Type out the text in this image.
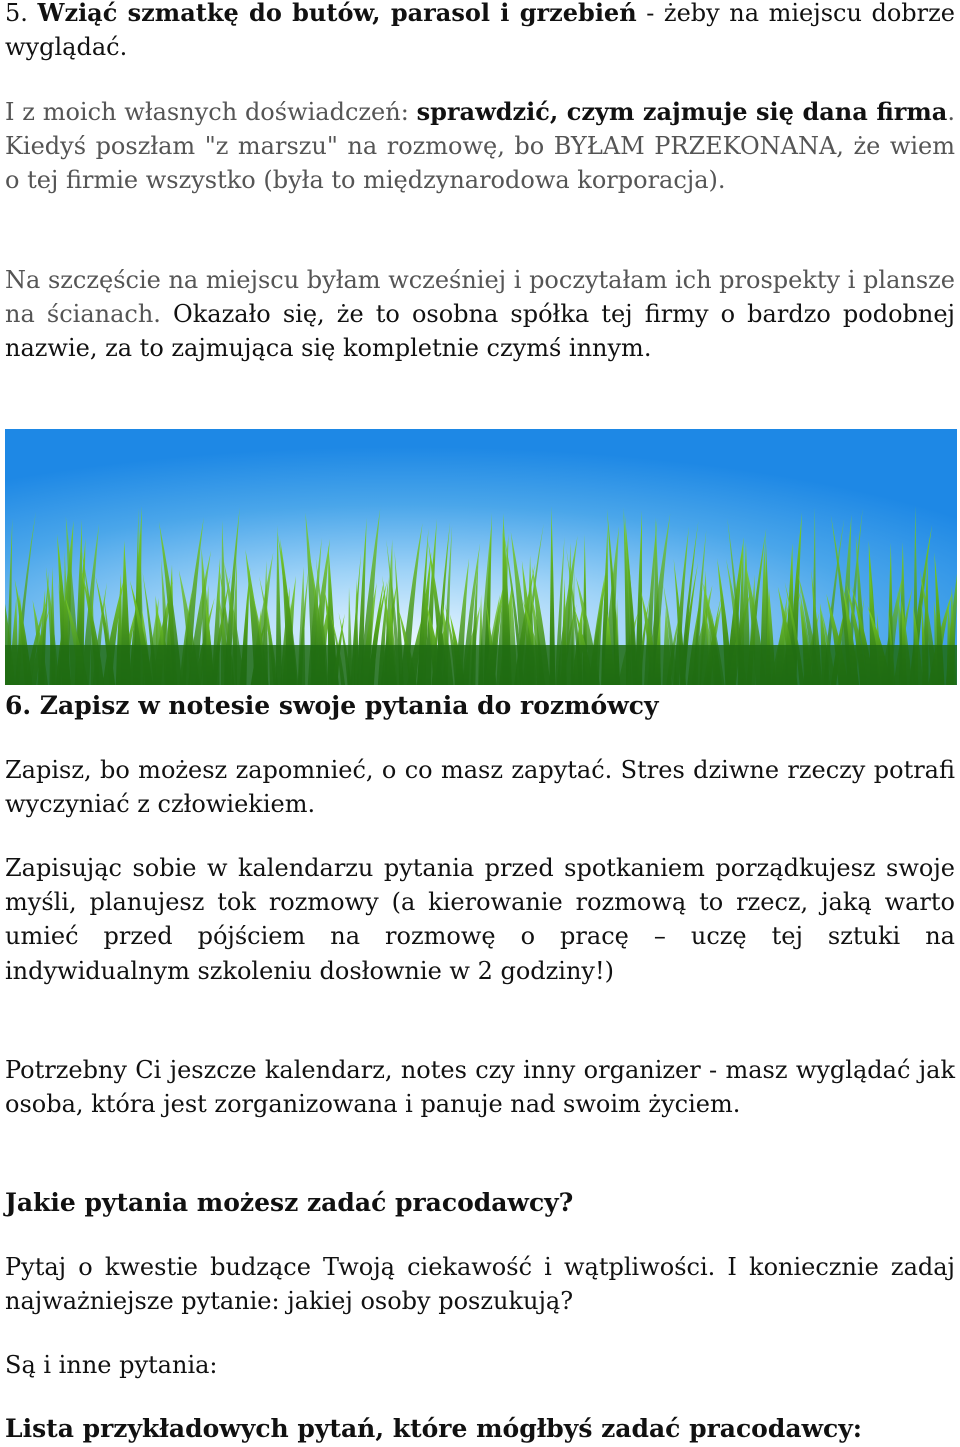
5. Wziąć szmatkę do butów, parasol i grzebień - żeby na miejscu dobrze wyglądać.

I z moich własnych doświadczeń: sprawdzić, czym zajmuje się dana firma. Kiedyś poszłam "z marszu" na rozmowę, bo BYŁAM PRZEKONANA, że wiem o tej firmie wszystko (była to międzynarodowa korporacja).

Na szczęście na miejscu byłam wcześniej i poczytałam ich prospekty i plansze na ścianach. Okazało się, że to osobna spółka tej firmy o bardzo podobnej nazwie, za to zajmująca się kompletnie czymś innym.

6. Zapisz w notesie swoje pytania do rozmówcy

Zapisz, bo możesz zapomnieć, o co masz zapytać. Stres dziwne rzeczy potrafi wyczyniać z człowiekiem.

Zapisując sobie w kalendarzu pytania przed spotkaniem porządkujesz swoje myśli, planujesz tok rozmowy (a kierowanie rozmową to rzecz, jaką warto umieć przed pójściem na rozmowę o pracę – uczę tej sztuki na indywidualnym szkoleniu dosłownie w 2 godziny!)

Potrzebny Ci jeszcze kalendarz, notes czy inny organizer - masz wyglądać jak osoba, która jest zorganizowana i panuje nad swoim życiem.

Jakie pytania możesz zadać pracodawcy?

Pytaj o kwestie budzące Twoją ciekawość i wątpliwości. I koniecznie zadaj najważniejsze pytanie: jakiej osoby poszukują?

Są i inne pytania:

Lista przykładowych pytań, które mógłbyś zadać pracodawcy:
